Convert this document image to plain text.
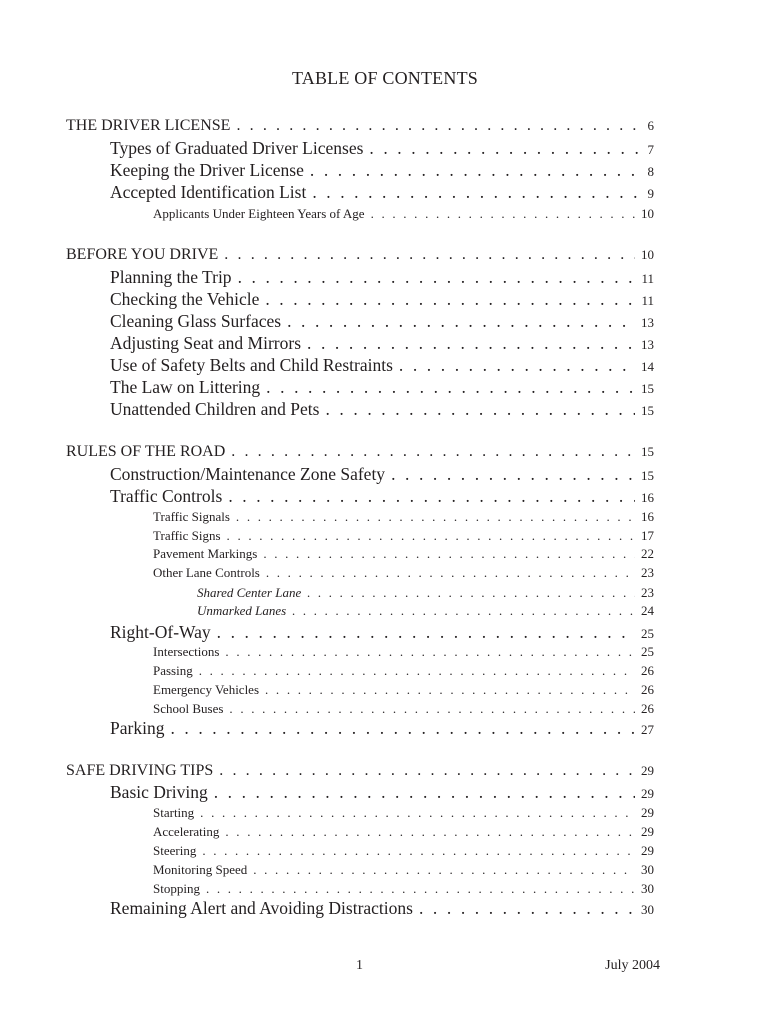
TABLE OF CONTENTS
THE DRIVER LICENSE . . .	6
Types of Graduated Driver Licenses . . .	7
Keeping the Driver License . . .	8
Accepted Identification List . . .	9
Applicants Under Eighteen Years of Age . . .	10
BEFORE YOU DRIVE . . .	10
Planning the Trip . . .	11
Checking the Vehicle . . .	11
Cleaning Glass Surfaces . . .	13
Adjusting Seat and Mirrors . . .	13
Use of Safety Belts and Child Restraints . . .	14
The Law on Littering . . .	15
Unattended Children and Pets . . .	15
RULES OF THE ROAD . . .	15
Construction/Maintenance Zone Safety . . .	15
Traffic Controls . . .	16
Traffic Signals . . .	16
Traffic Signs . . .	17
Pavement Markings . . .	22
Other Lane Controls . . .	23
Shared Center Lane . . .	23
Unmarked Lanes . . .	24
Right-Of-Way . . .	25
Intersections . . .	25
Passing . . .	26
Emergency Vehicles . . .	26
School Buses . . .	26
Parking . . .	27
SAFE DRIVING TIPS . . .	29
Basic Driving . . .	29
Starting . . .	29
Accelerating . . .	29
Steering . . .	29
Monitoring Speed . . .	30
Stopping . . .	30
Remaining Alert and Avoiding Distractions . . .	30
1	July 2004
